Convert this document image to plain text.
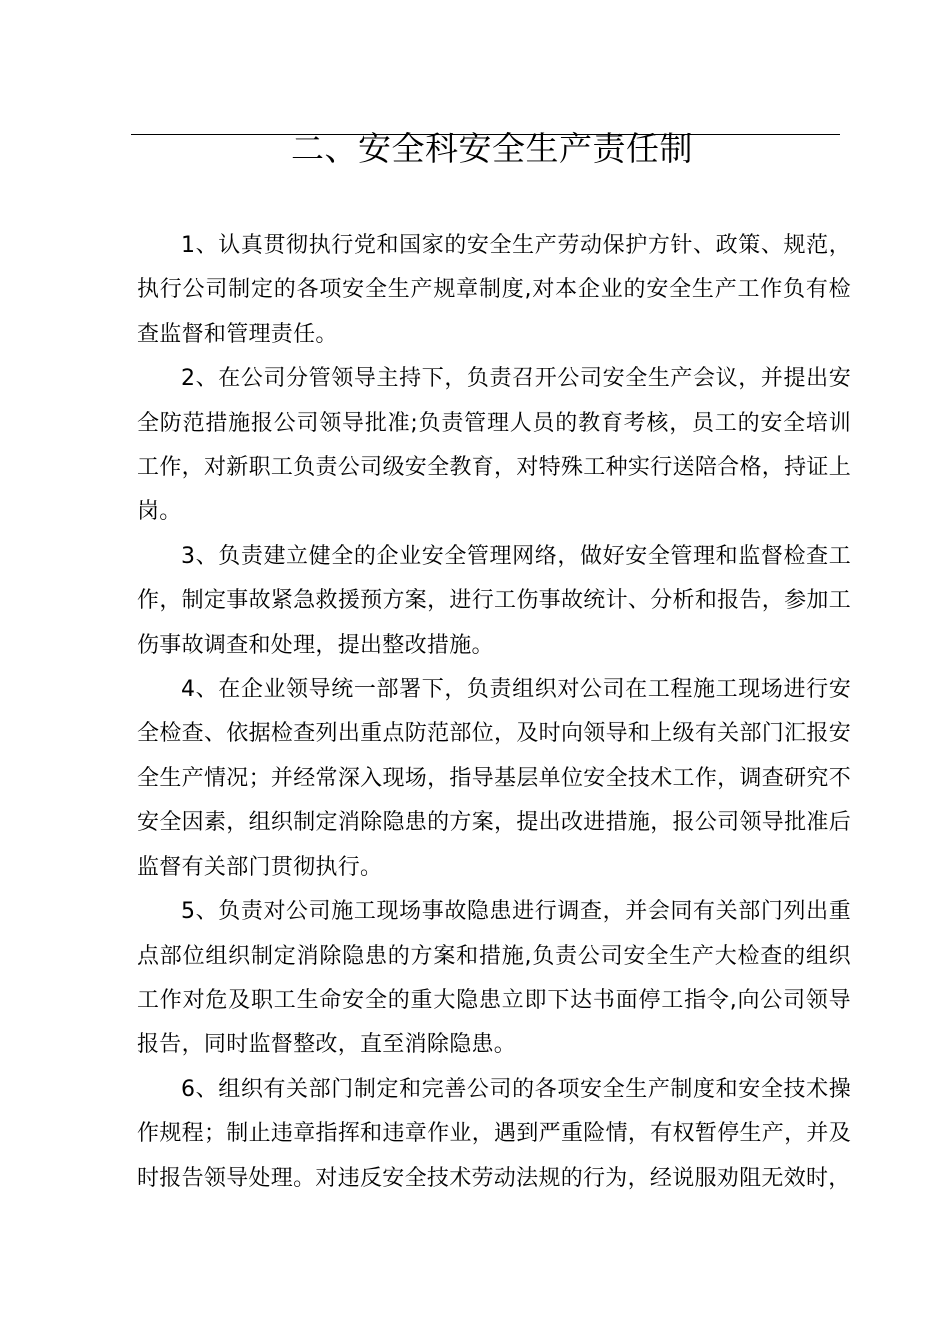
二、安全科安全生产责任制

1、认真贯彻执行党和国家的安全生产劳动保护方针、政策、规范，执行公司制定的各项安全生产规章制度,对本企业的安全生产工作负有检查监督和管理责任。

2、在公司分管领导主持下，负责召开公司安全生产会议，并提出安全防范措施报公司领导批准;负责管理人员的教育考核，员工的安全培训工作，对新职工负责公司级安全教育，对特殊工种实行送陪合格，持证上岗。

3、负责建立健全的企业安全管理网络，做好安全管理和监督检查工作，制定事故紧急救援预方案，进行工伤事故统计、分析和报告，参加工伤事故调查和处理，提出整改措施。

4、在企业领导统一部署下，负责组织对公司在工程施工现场进行安全检查、依据检查列出重点防范部位，及时向领导和上级有关部门汇报安全生产情况；并经常深入现场，指导基层单位安全技术工作，调查研究不安全因素，组织制定消除隐患的方案，提出改进措施，报公司领导批准后监督有关部门贯彻执行。

5、负责对公司施工现场事故隐患进行调查，并会同有关部门列出重点部位组织制定消除隐患的方案和措施,负责公司安全生产大检查的组织工作对危及职工生命安全的重大隐患立即下达书面停工指令,向公司领导报告，同时监督整改，直至消除隐患。

6、组织有关部门制定和完善公司的各项安全生产制度和安全技术操作规程；制止违章指挥和违章作业，遇到严重险情，有权暂停生产，并及时报告领导处理。对违反安全技术劳动法规的行为，经说服劝阻无效时，
